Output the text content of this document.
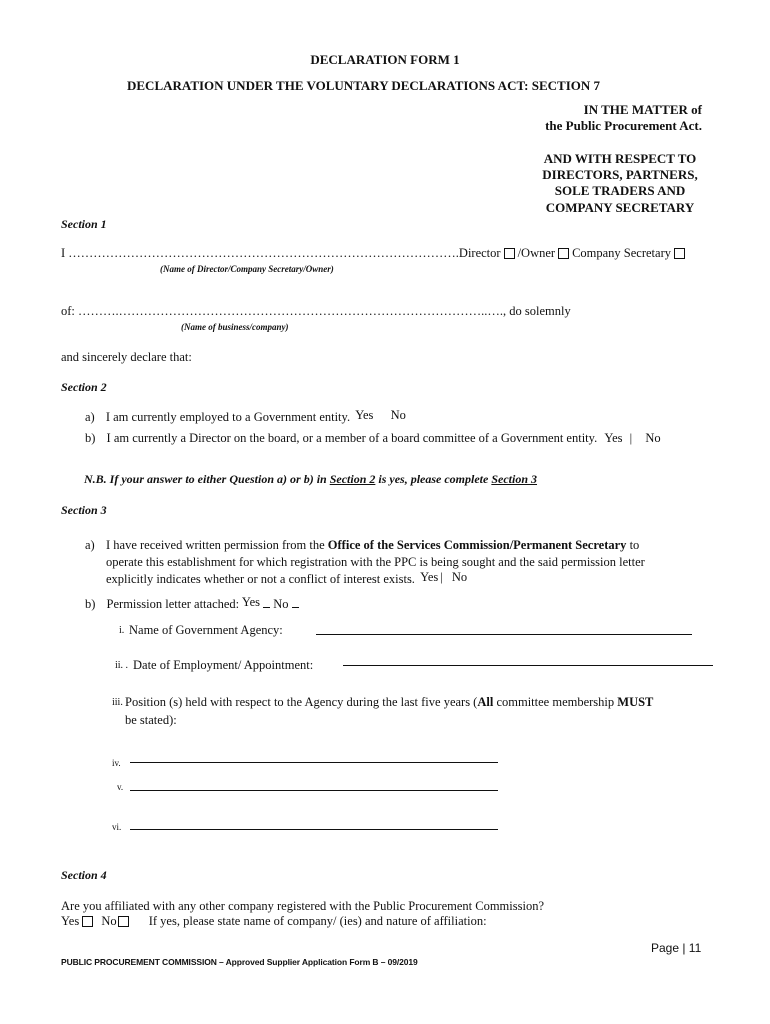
DECLARATION FORM 1
DECLARATION UNDER THE VOLUNTARY DECLARATIONS ACT: SECTION 7
IN THE MATTER of
the Public Procurement Act.
AND WITH RESPECT TO
DIRECTORS, PARTNERS,
SOLE TRADERS AND
COMPANY SECRETARY
Section 1
I ………………………………………………………………………………….Director /Owner Company Secretary
(Name of Director/Company Secretary/Owner)
of: ……….……………………………………………………………………………..…., do solemnly
(Name of business/company)
and sincerely declare that:
Section 2
a) I am currently employed to a Government entity. Yes No
b) I am currently a Director on the board, or a member of a board committee of a Government entity. Yes | No
N.B. If your answer to either Question a) or b) in Section 2 is yes, please complete Section 3
Section 3
a) I have received written permission from the Office of the Services Commission/Permanent Secretary to
operate this establishment for which registration with the PPC is being sought and the said permission letter
explicitly indicates whether or not a conflict of interest exists. Yes | No
b) Permission letter attached: Yes No
i. Name of Government Agency:
ii. . Date of Employment/ Appointment:
iii. Position (s) held with respect to the Agency during the last five years (All committee membership MUST
be stated):
iv.
v.
vi.
Section 4
Are you affiliated with any other company registered with the Public Procurement Commission?
Yes No	If yes, please state name of company/ (ies) and nature of affiliation:
Page | 11
PUBLIC PROCUREMENT COMMISSION – Approved Supplier Application Form B – 09/2019
